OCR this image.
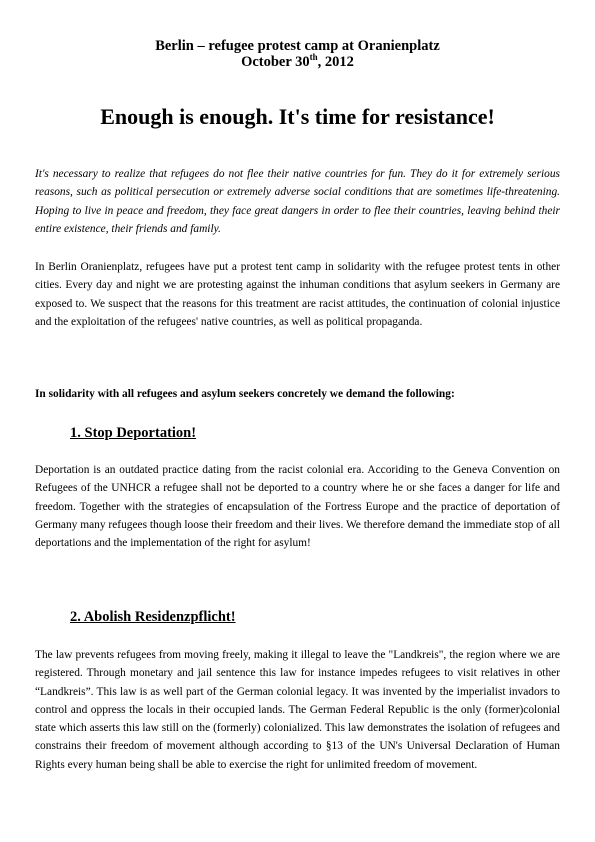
Berlin – refugee protest camp at Oranienplatz
October 30th, 2012
Enough is enough. It's time for resistance!

It's necessary to realize that refugees do not flee their native countries for fun. They do it for extremely serious reasons, such as political persecution or extremely adverse social conditions that are sometimes life-threatening. Hoping to live in peace and freedom, they face great dangers in order to flee their countries, leaving behind their entire existence, their friends and family.

In Berlin Oranienplatz, refugees have put a protest tent camp in solidarity with the refugee protest tents in other cities. Every day and night we are protesting against the inhuman conditions that asylum seekers in Germany are exposed to. We suspect that the reasons for this treatment are racist attitudes, the continuation of colonial injustice and the exploitation of the refugees' native countries, as well as political propaganda.

In solidarity with all refugees and asylum seekers concretely we demand the following:

1. Stop Deportation!

Deportation is an outdated practice dating from the racist colonial era. Accoriding to the Geneva Convention on Refugees of the UNHCR a refugee shall not be deported to a country where he or she faces a danger for life and freedom. Together with the strategies of encapsulation of the Fortress Europe and the practice of deportation of Germany many refugees though loose their freedom and their lives. We therefore demand the immediate stop of all deportations and the implementation of the right for asylum!

2. Abolish Residenzpflicht!

The law prevents refugees from moving freely, making it illegal to leave the "Landkreis", the region where we are registered. Through monetary and jail sentence this law for instance impedes refugees to visit relatives in other “Landkreis”. This law is as well part of the German colonial legacy. It was invented by the imperialist invadors to control and oppress the locals in their occupied lands. The German Federal Republic is the only (former)colonial state which asserts this law still on the (formerly) colonialized. This law demonstrates the isolation of refugees and constrains their freedom of movement although according to §13 of the UN's Universal Declaration of Human Rights every human being shall be able to exercise the right for unlimited freedom of movement.
